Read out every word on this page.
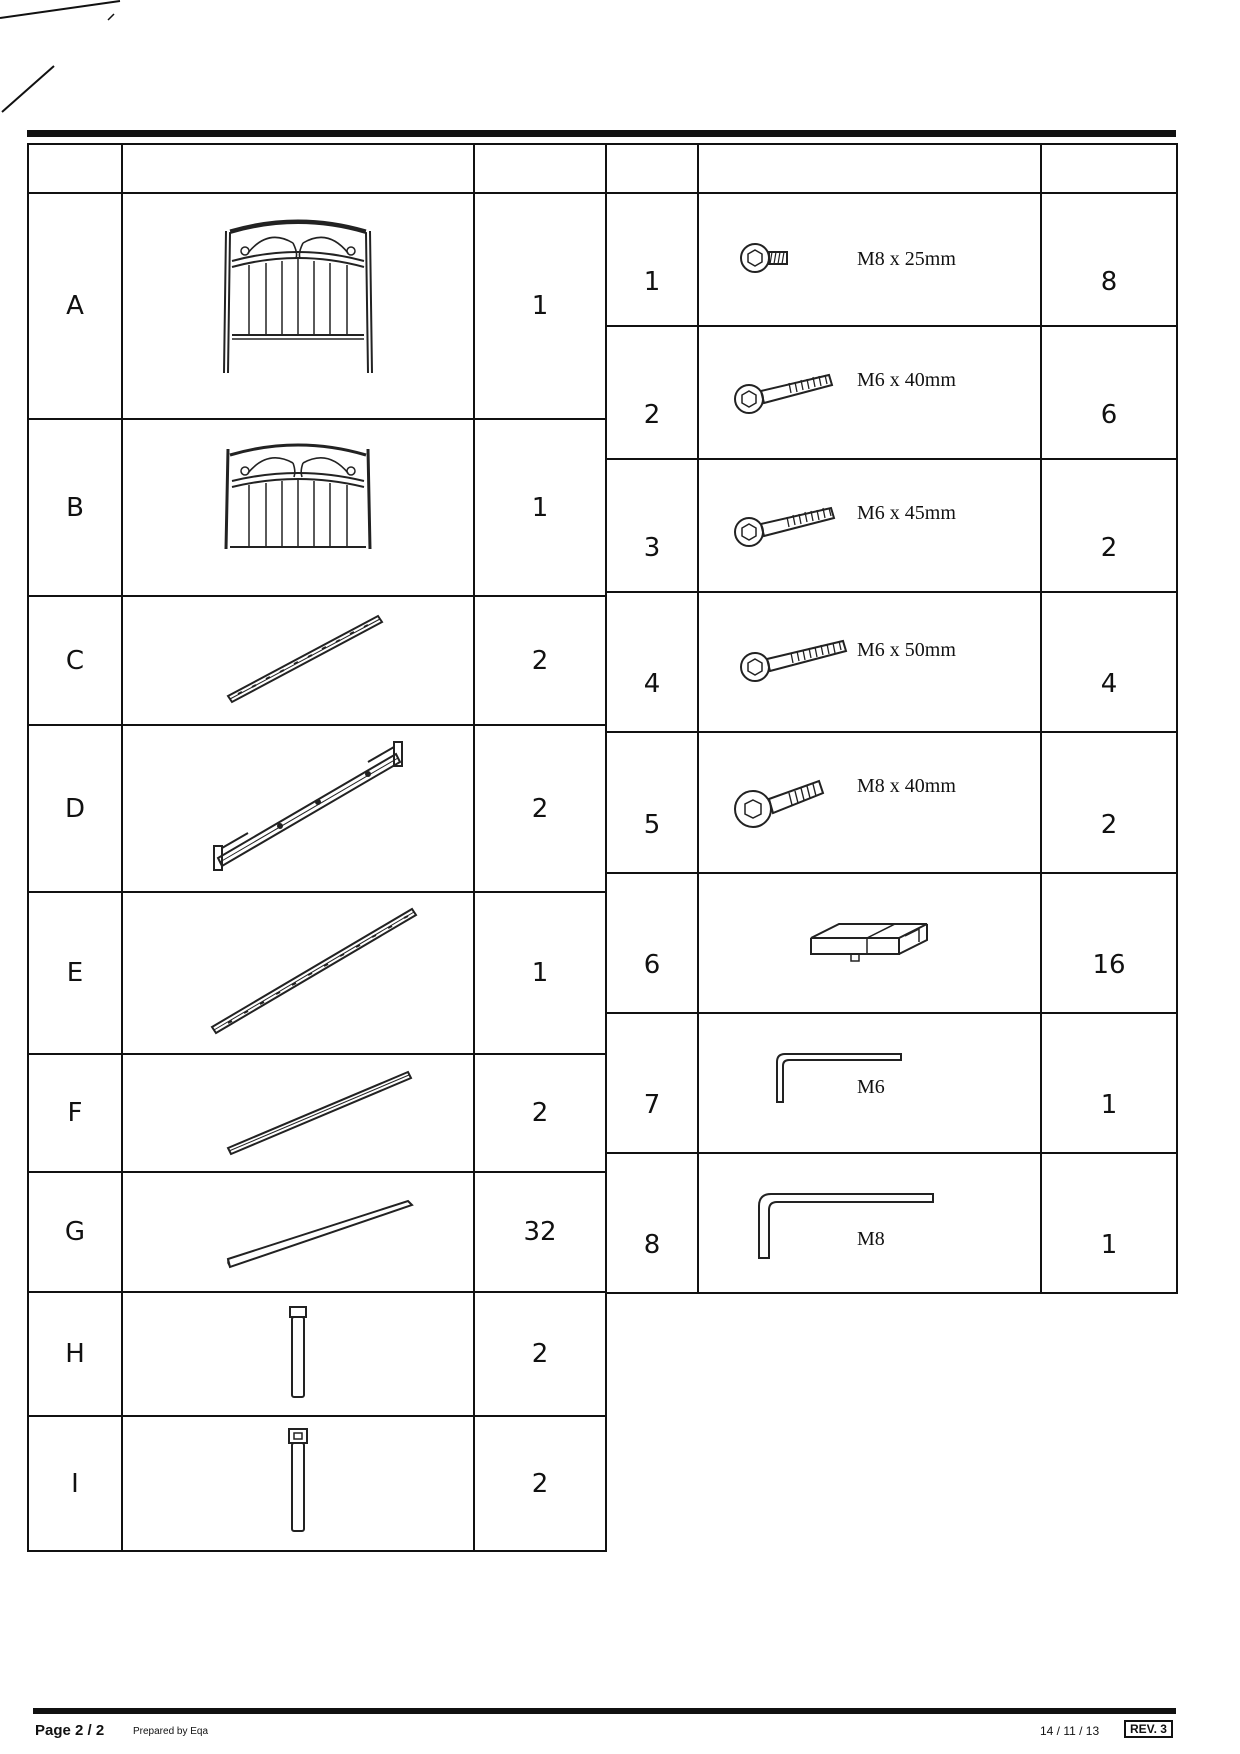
A		1
B		1
C		2
D		2
E		1
F		2
G		32
H		2
I		2

1	M8 x 25mm	8
2	M6 x 40mm	6
3	M6 x 45mm	2
4	M6 x 50mm	4
5	M8 x 40mm	2
6		16
7	M6	1
8	M8	1
Page 2 / 2	Prepared by Eqa	14 / 11 / 13	REV. 3
